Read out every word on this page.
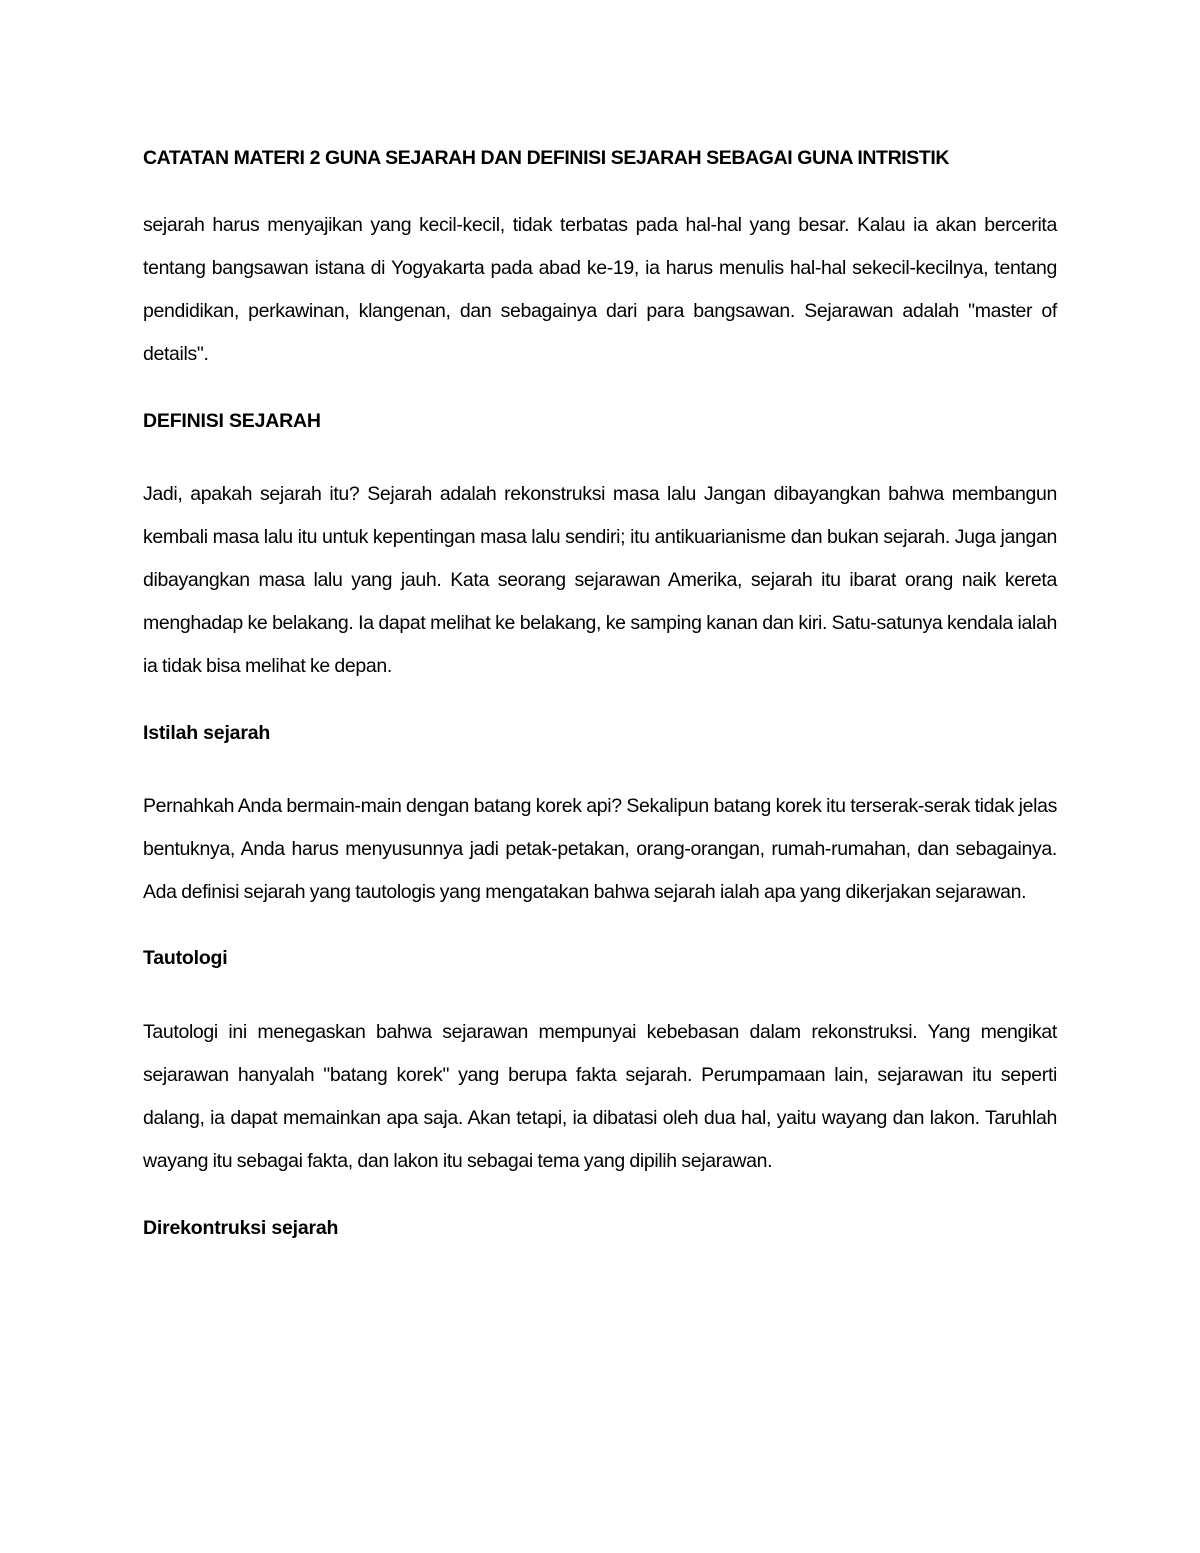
CATATAN MATERI 2 GUNA SEJARAH DAN DEFINISI SEJARAH SEBAGAI GUNA INTRISTIK

sejarah harus menyajikan yang kecil-kecil, tidak terbatas pada hal-hal yang besar. Kalau ia akan bercerita tentang bangsawan istana di Yogyakarta pada abad ke-19, ia harus menulis hal-hal sekecil-kecilnya, tentang pendidikan, perkawinan, klangenan, dan sebagainya dari para bangsawan. Sejarawan adalah "master of details".

DEFINISI SEJARAH

Jadi, apakah sejarah itu? Sejarah adalah rekonstruksi masa lalu Jangan dibayangkan bahwa membangun kembali masa lalu itu untuk kepentingan masa lalu sendiri; itu antikuarianisme dan bukan sejarah. Juga jangan dibayangkan masa lalu yang jauh. Kata seorang sejarawan Amerika, sejarah itu ibarat orang naik kereta menghadap ke belakang. Ia dapat melihat ke belakang, ke samping kanan dan kiri. Satu-satunya kendala ialah ia tidak bisa melihat ke depan.

Istilah sejarah

Pernahkah Anda bermain-main dengan batang korek api? Sekalipun batang korek itu terserak-serak tidak jelas bentuknya, Anda harus menyusunnya jadi petak-petakan, orang-orangan, rumah-rumahan, dan sebagainya. Ada definisi sejarah yang tautologis yang mengatakan bahwa sejarah ialah apa yang dikerjakan sejarawan.

Tautologi

Tautologi ini menegaskan bahwa sejarawan mempunyai kebebasan dalam rekonstruksi. Yang mengikat sejarawan hanyalah "batang korek" yang berupa fakta sejarah. Perumpamaan lain, sejarawan itu seperti dalang, ia dapat memainkan apa saja. Akan tetapi, ia dibatasi oleh dua hal, yaitu wayang dan lakon. Taruhlah wayang itu sebagai fakta, dan lakon itu sebagai tema yang dipilih sejarawan.

Direkontruksi sejarah
